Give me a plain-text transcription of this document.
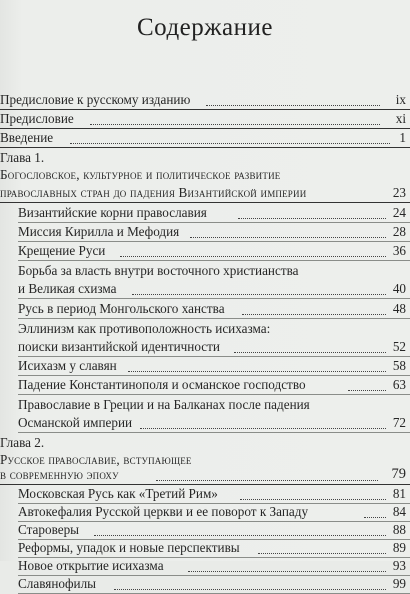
Содержание
Предисловие к русскому изданию	ix
Предисловие	xi
Введение	1
Глава 1.
Богословское, культурное и политическое развитие
православных стран до падения Византийской империи	23
Византийские корни православия	24
Миссия Кирилла и Мефодия	28
Крещение Руси	36
Борьба за власть внутри восточного христианства
и Великая схизма	40
Русь в период Монгольского ханства	48
Эллинизм как противоположность исихазма:
поиски византийской идентичности	52
Исихазм у славян	58
Падение Константинополя и османское господство	63
Православие в Греции и на Балканах после падения
Османской империи	72
Глава 2.
Русское православие, вступающее
в современную эпоху	79
Московская Русь как «Третий Рим»	81
Автокефалия Русской церкви и ее поворот к Западу	84
Староверы	88
Реформы, упадок и новые перспективы	89
Новое открытие исихазма	93
Славянофилы	99
